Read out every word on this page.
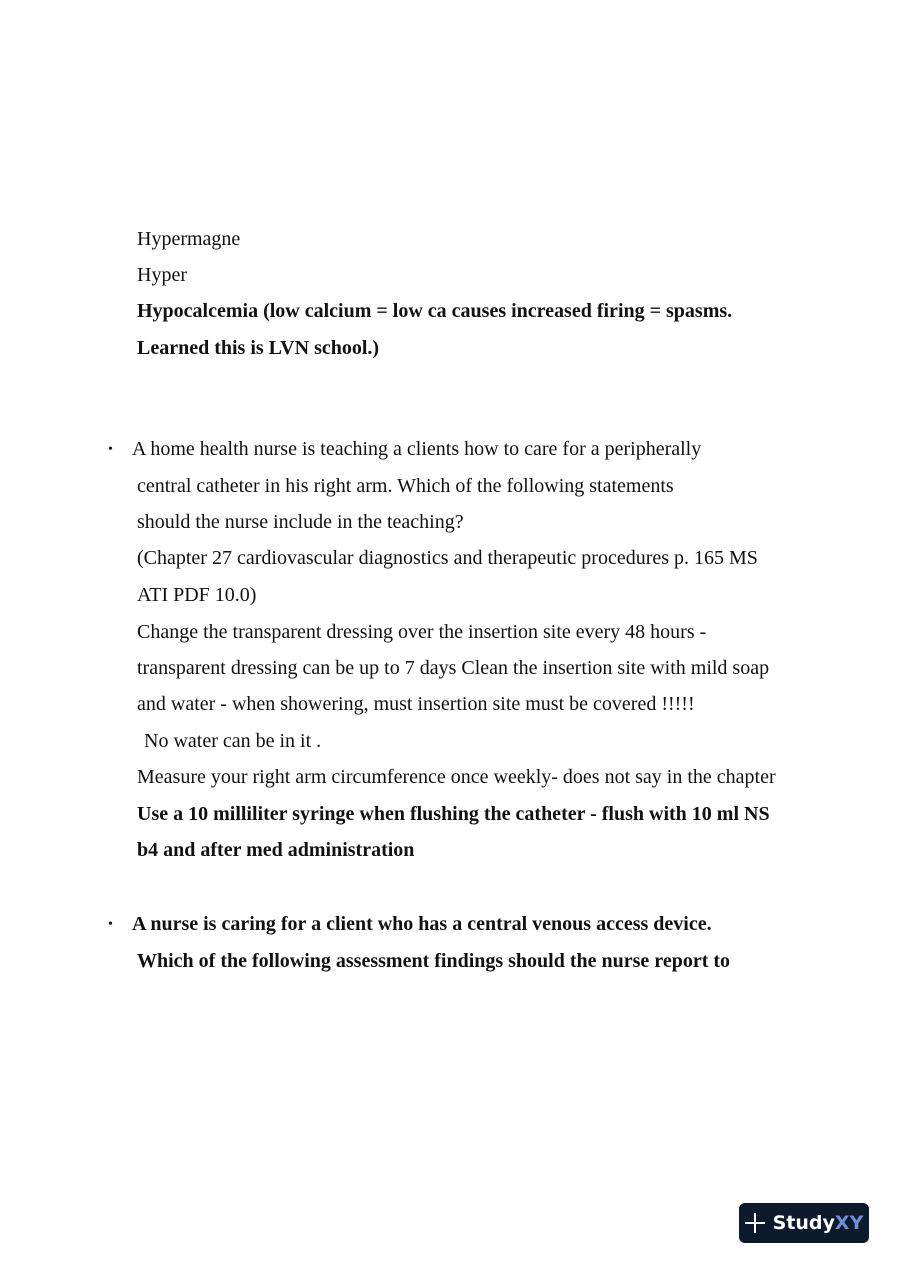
Hypermagne
Hyper
Hypocalcemia (low calcium = low ca causes increased firing = spasms.
Learned this is LVN school.)
• A home health nurse is teaching a clients how to care for a peripherally
central catheter in his right arm. Which of the following statements
should the nurse include in the teaching?
(Chapter 27 cardiovascular diagnostics and therapeutic procedures p. 165 MS
ATI PDF 10.0)
Change the transparent dressing over the insertion site every 48 hours -
transparent dressing can be up to 7 days Clean the insertion site with mild soap
and water - when showering, must insertion site must be covered !!!!!
No water can be in it .
Measure your right arm circumference once weekly- does not say in the chapter
Use a 10 milliliter syringe when flushing the catheter - flush with 10 ml NS
b4 and after med administration
• A nurse is caring for a client who has a central venous access device.
Which of the following assessment findings should the nurse report to
StudyXY
